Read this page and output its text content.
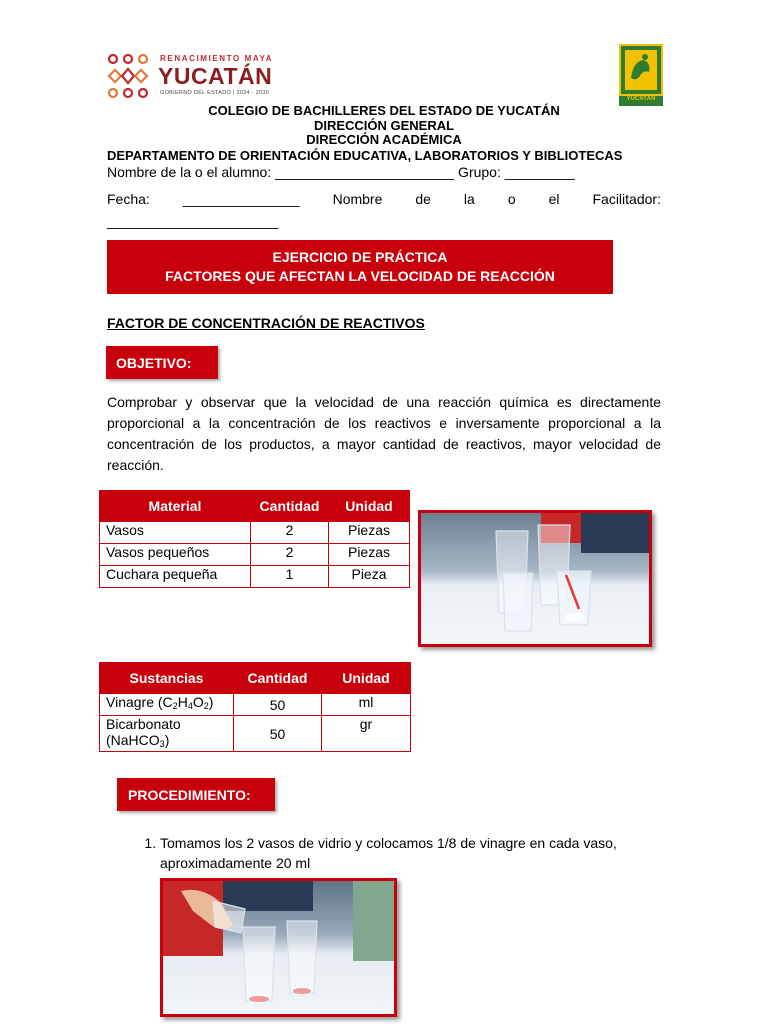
RENACIMIENTO MAYA
YUCATÁN
GOBIERNO DEL ESTADO | 2024 - 2030
YUCATÁN
COLEGIO DE BACHILLERES DEL ESTADO DE YUCATÁN
DIRECCIÓN GENERAL
DIRECCIÓN ACADÉMICA
DEPARTAMENTO DE ORIENTACIÓN EDUCATIVA, LABORATORIOS Y BIBLIOTECAS
Nombre de la o el alumno: _______________________ Grupo: _________
Fecha: _______________ Nombre de la o el Facilitador:
______________________
EJERCICIO DE PRÁCTICA
FACTORES QUE AFECTAN LA VELOCIDAD DE REACCIÓN
FACTOR DE CONCENTRACIÓN DE REACTIVOS
OBJETIVO:
Comprobar y observar que la velocidad de una reacción química es directamente proporcional a la concentración de los reactivos e inversamente proporcional a la concentración de los productos, a mayor cantidad de reactivos, mayor velocidad de reacción.
Material	Cantidad	Unidad
Vasos	2	Piezas
Vasos pequeños	2	Piezas
Cuchara pequeña	1	Pieza
Sustancias	Cantidad	Unidad
Vinagre $(C_2H_4O_2)$	50	ml
Bicarbonato
(NaHCO$_3$)	50	gr
PROCEDIMIENTO:
1. Tomamos los 2 vasos de vidrio y colocamos 1/8 de vinagre en cada vaso, aproximadamente 20 ml
